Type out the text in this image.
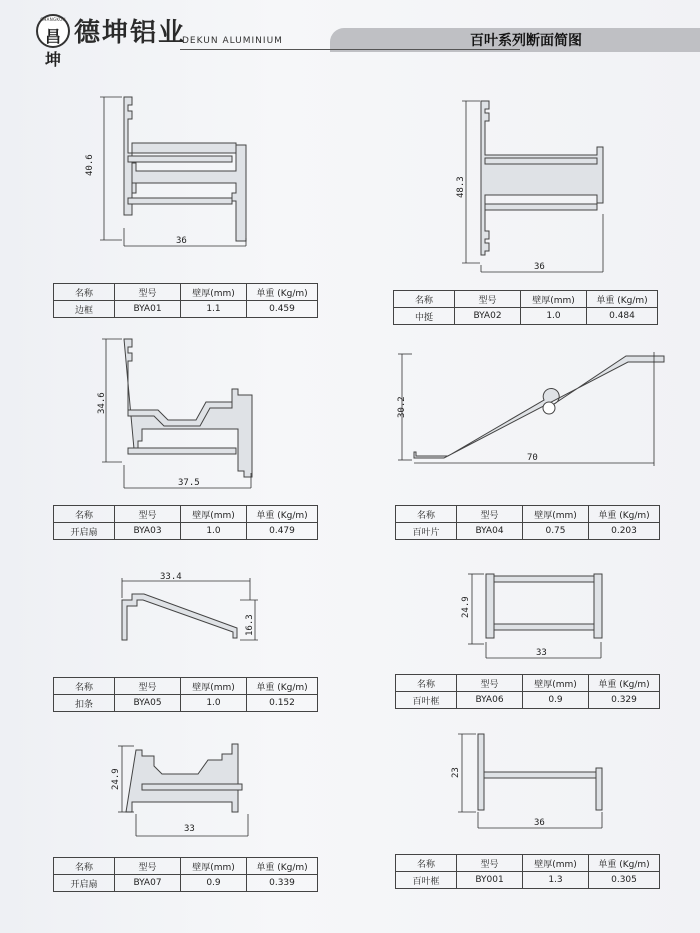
CHANGKUN
昌坤
德坤铝业
DEKUN ALUMINIUM	百叶系列断面简图
40.6
36
48.3
36
34.6
37.5
30.2
70
33.4
16.3
24.9
33
24.9
33
23
36
名称	型号	壁厚(mm)	单重 (Kg/m)
边框	BYA01	1.1	0.459
名称	型号	壁厚(mm)	单重 (Kg/m)
中挺	BYA02	1.0	0.484
名称	型号	壁厚(mm)	单重 (Kg/m)
开启扇	BYA03	1.0	0.479
名称	型号	壁厚(mm)	单重 (Kg/m)
百叶片	BYA04	0.75	0.203
名称	型号	壁厚(mm)	单重 (Kg/m)
扣条	BYA05	1.0	0.152
名称	型号	壁厚(mm)	单重 (Kg/m)
百叶框	BYA06	0.9	0.329
名称	型号	壁厚(mm)	单重 (Kg/m)
开启扇	BYA07	0.9	0.339
名称	型号	壁厚(mm)	单重 (Kg/m)
百叶框	BY001	1.3	0.305
